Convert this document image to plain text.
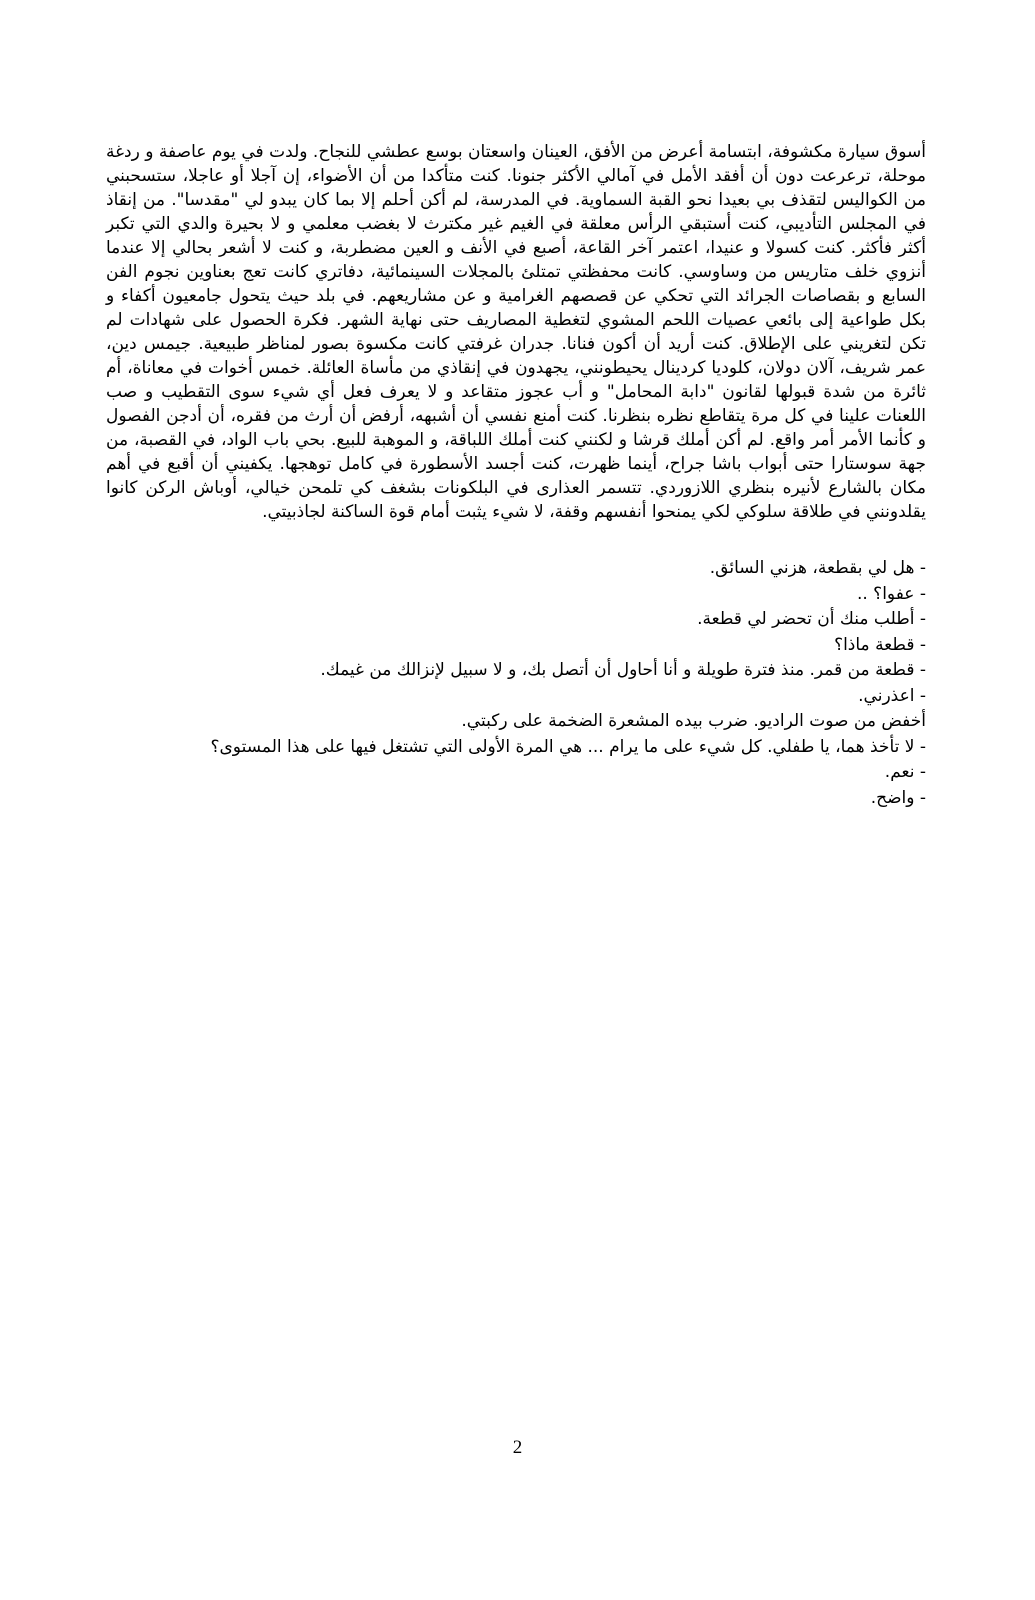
أسوق سيارة مكشوفة، ابتسامة أعرض من الأفق، العينان واسعتان بوسع عطشي للنجاح. ولدت في يوم عاصفة و ردغة موحلة، ترعرعت دون أن أفقد الأمل في آمالي الأكثر جنونا. كنت متأكدا من أن الأضواء، إن آجلا أو عاجلا، ستسحبني من الكواليس لتقذف بي بعيدا نحو القبة السماوية. في المدرسة، لم أكن أحلم إلا بما كان يبدو لي "مقدسا". من إنقاذ في المجلس التأديبي، كنت أستبقي الرأس معلقة في الغيم غير مكترث لا بغضب معلمي و لا بحيرة والدي التي تكبر أكثر فأكثر. كنت كسولا و عنيدا، اعتمر آخر القاعة، أصبع في الأنف و العين مضطربة، و كنت لا أشعر بحالي إلا عندما أنزوي خلف متاريس من وساوسي. كانت محفظتي تمتلئ بالمجلات السينمائية، دفاتري كانت تعج بعناوين نجوم الفن السابع و بقصاصات الجرائد التي تحكي عن قصصهم الغرامية و عن مشاريعهم. في بلد حيث يتحول جامعيون أكفاء و بكل طواعية إلى بائعي عصيات اللحم المشوي لتغطية المصاريف حتى نهاية الشهر. فكرة الحصول على شهادات لم تكن لتغريني على الإطلاق. كنت أريد أن أكون فنانا. جدران غرفتي كانت مكسوة بصور لمناظر طبيعية. جيمس دين، عمر شريف، آلان دولان، كلوديا كردينال يحيطونني، يجهدون في إنقاذي من مأساة العائلة. خمس أخوات في معاناة، أم ثائرة من شدة قبولها لقانون "دابة المحامل" و أب عجوز متقاعد و لا يعرف فعل أي شيء سوى التقطيب و صب اللعنات علينا في كل مرة يتقاطع نظره بنظرنا. كنت أمنع نفسي أن أشبهه، أرفض أن أرث من فقره، أن أدجن الفصول و كأنما الأمر أمر واقع. لم أكن أملك قرشا و لكنني كنت أملك اللباقة، و الموهبة للبيع. بحي باب الواد، في القصبة، من جهة سوستارا حتى أبواب باشا جراح، أينما ظهرت، كنت أجسد الأسطورة في كامل توهجها. يكفيني أن أقبع في أهم مكان بالشارع لأنيره بنظري اللازوردي. تتسمر العذارى في البلكونات بشغف كي تلمحن خيالي، أوباش الركن كانوا يقلدونني في طلاقة سلوكي لكي يمنحوا أنفسهم وقفة، لا شيء يثبت أمام قوة الساكنة لجاذبيتي.

- هل لي بقطعة، هزني السائق.
- عفوا؟ ..
- أطلب منك أن تحضر لي قطعة.
- قطعة ماذا؟
- قطعة من قمر. منذ فترة طويلة و أنا أحاول أن أتصل بك، و لا سبيل لإنزالك من غيمك.
- اعذرني.
أخفض من صوت الراديو. ضرب بيده المشعرة الضخمة على ركبتي.
- لا تأخذ هما، يا طفلي. كل شيء على ما يرام ... هي المرة الأولى التي تشتغل فيها على هذا المستوى؟
- نعم.
- واضح.
2
